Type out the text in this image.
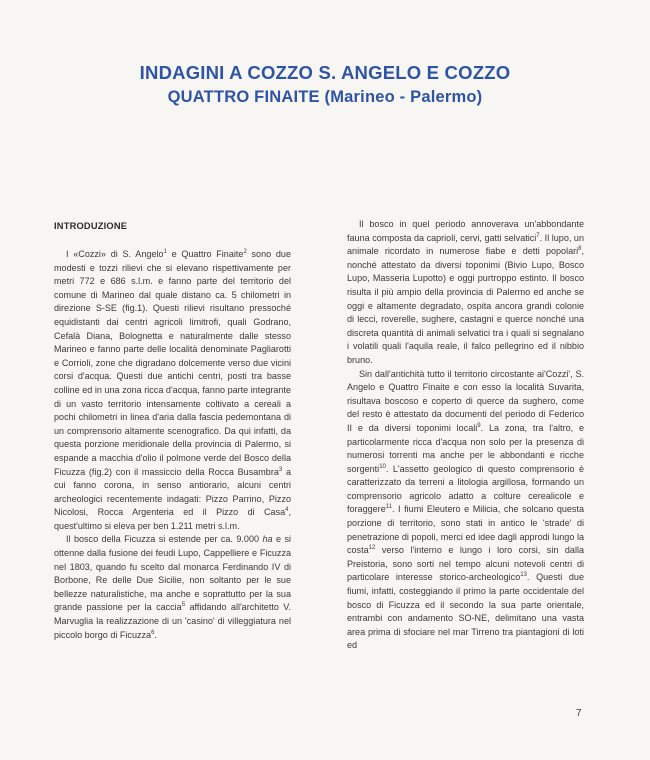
INDAGINI A COZZO S. ANGELO E COZZO
QUATTRO FINAITE (Marineo - Palermo)
INTRODUZIONE

I «Cozzi» di S. Angelo$^1$ e Quattro Finaite$^2$ sono due modesti e tozzi rilievi che si elevano rispettivamente per metri 772 e 686 s.l.m. e fanno parte del territorio del comune di Marineo dal quale distano ca. 5 chilometri in direzione S-SE (fig.1). Questi rilievi risultano pressoché equidistanti dai centri agricoli limitrofi, quali Godrano, Cefalà Diana, Bolognetta e naturalmente dalle stesso Marineo e fanno parte delle località denominate Pagliarotti e Corrioli, zone che digradano dolcemente verso due vicini corsi d'acqua. Questi due antichi centri, posti tra basse colline ed in una zona ricca d'acqua, fanno parte integrante di un vasto territorio intensamente coltivato a cereali a pochi chilometri in linea d'aria dalla fascia pedemontana di un comprensorio altamente scenografico. Da qui infatti, da questa porzione meridionale della provincia di Palermo, si espande a macchia d'olio il polmone verde del Bosco della Ficuzza (fig.2) con il massiccio della Rocca Busambra$^3$ a cui fanno corona, in senso antiorario, alcuni centri archeologici recentemente indagati: Pizzo Parrino, Pizzo Nicolosi, Rocca Argenteria ed il Pizzo di Casa$^4$, quest'ultimo si eleva per ben 1.211 metri s.l.m.

Il bosco della Ficuzza si estende per ca. 9.000 ha e si ottenne dalla fusione dei feudi Lupo, Cappelliere e Ficuzza nel 1803, quando fu scelto dal monarca Ferdinando IV di Borbone, Re delle Due Sicilie, non soltanto per le sue bellezze naturalistiche, ma anche e soprattutto per la sua grande passione per la caccia$^5$ affidando all'architetto V. Marvuglia la realizzazione di un 'casino' di villeggiatura nel piccolo borgo di Ficuzza$^6$.

Il bosco in quel periodo annoverava un'abbondante fauna composta da caprioli, cervi, gatti selvatici$^7$. Il lupo, un animale ricordato in numerose fiabe e detti popolari$^8$, nonché attestato da diversi toponimi (Bivio Lupo, Bosco Lupo, Masseria Lupotto) e oggi purtroppo estinto. Il bosco risulta il più ampio della provincia di Palermo ed anche se oggi e altamente degradato, ospita ancora grandi colonie di lecci, roverelle, sughere, castagni e querce nonché una discreta quantità di animali selvatici tra i quali si segnalano i volatili quali l'aquila reale, il falco pellegrino ed il nibbio bruno.

Sin dall'antichità tutto il territorio circostante ai'Cozzi', S. Angelo e Quattro Finaite e con esso la località Suvarita, risultava boscoso e coperto di querce da sughero, come del resto è attestato da documenti del periodo di Federico II e da diversi toponimi locali$^9$. La zona, tra l'altro, e particolarmente ricca d'acqua non solo per la presenza di numerosi torrenti ma anche per le abbondanti e ricche sorgenti$^{10}$. L'assetto geologico di questo comprensorio è caratterizzato da terreni a litologia argillosa, formando un comprensorio agricolo adatto a colture cerealicole e foraggere$^{11}$. I fiumi Eleutero e Milicia, che solcano questa porzione di territorio, sono stati in antico le 'strade' di penetrazione di popoli, merci ed idee dagli approdi lungo la costa$^{12}$ verso l'interno e lungo i loro corsi, sin dalla Preistoria, sono sorti nel tempo alcuni notevoli centri di particolare interesse storico-archeologico$^{13}$. Questi due fiumi, infatti, costeggiando il primo la parte occidentale del bosco di Ficuzza ed il secondo la sua parte orientale, entrambi con andamento SO-NE, delimitano una vasta area prima di sfociare nel mar Tirreno tra piantagioni di loti ed

7
